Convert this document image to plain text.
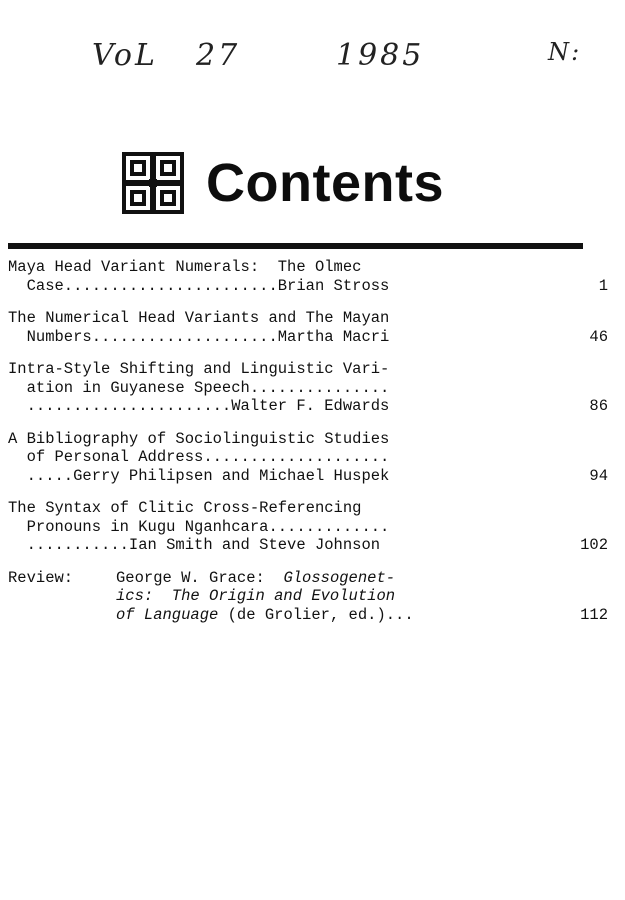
VoL 27	1985	N:
Contents
Maya Head Variant Numerals:  The Olmec
Case.......................Brian Stross	1
The Numerical Head Variants and The Mayan
Numbers....................Martha Macri	46
Intra-Style Shifting and Linguistic Vari-
ation in Guyanese Speech...............
......................Walter F. Edwards	86
A Bibliography of Sociolinguistic Studies
of Personal Address....................
.....Gerry Philipsen and Michael Huspek	94
The Syntax of Clitic Cross-Referencing
Pronouns in Kugu Nganhcara.............
...........Ian Smith and Steve Johnson	102
Review:	George W. Grace:  Glossogenet-
ics:  The Origin and Evolution
of Language (de Grolier, ed.)...	112
